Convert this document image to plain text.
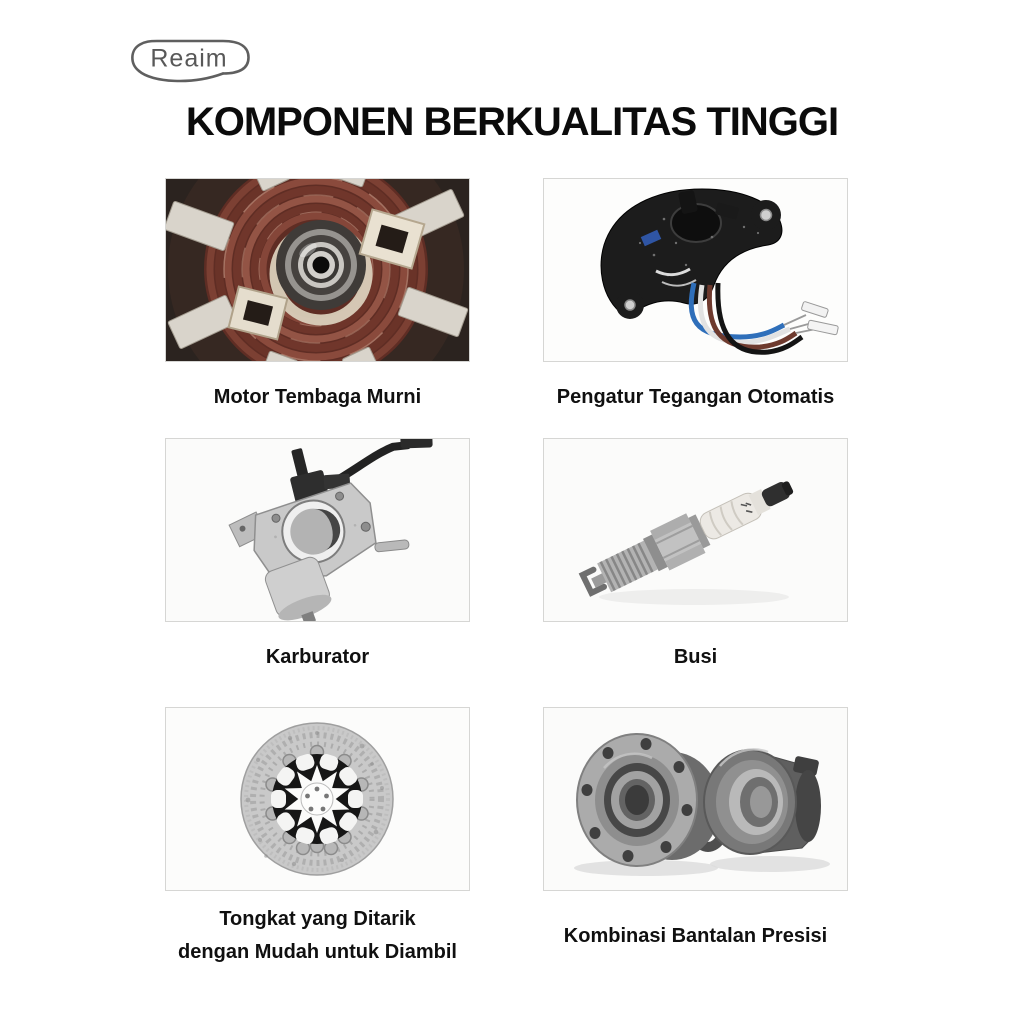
Reaim
KOMPONEN BERKUALITAS TINGGI
Motor Tembaga Murni	Pengatur Tegangan Otomatis
Karburator	Busi
Tongkat yang Ditarik
dengan Mudah untuk Diambil
Kombinasi Bantalan Presisi
